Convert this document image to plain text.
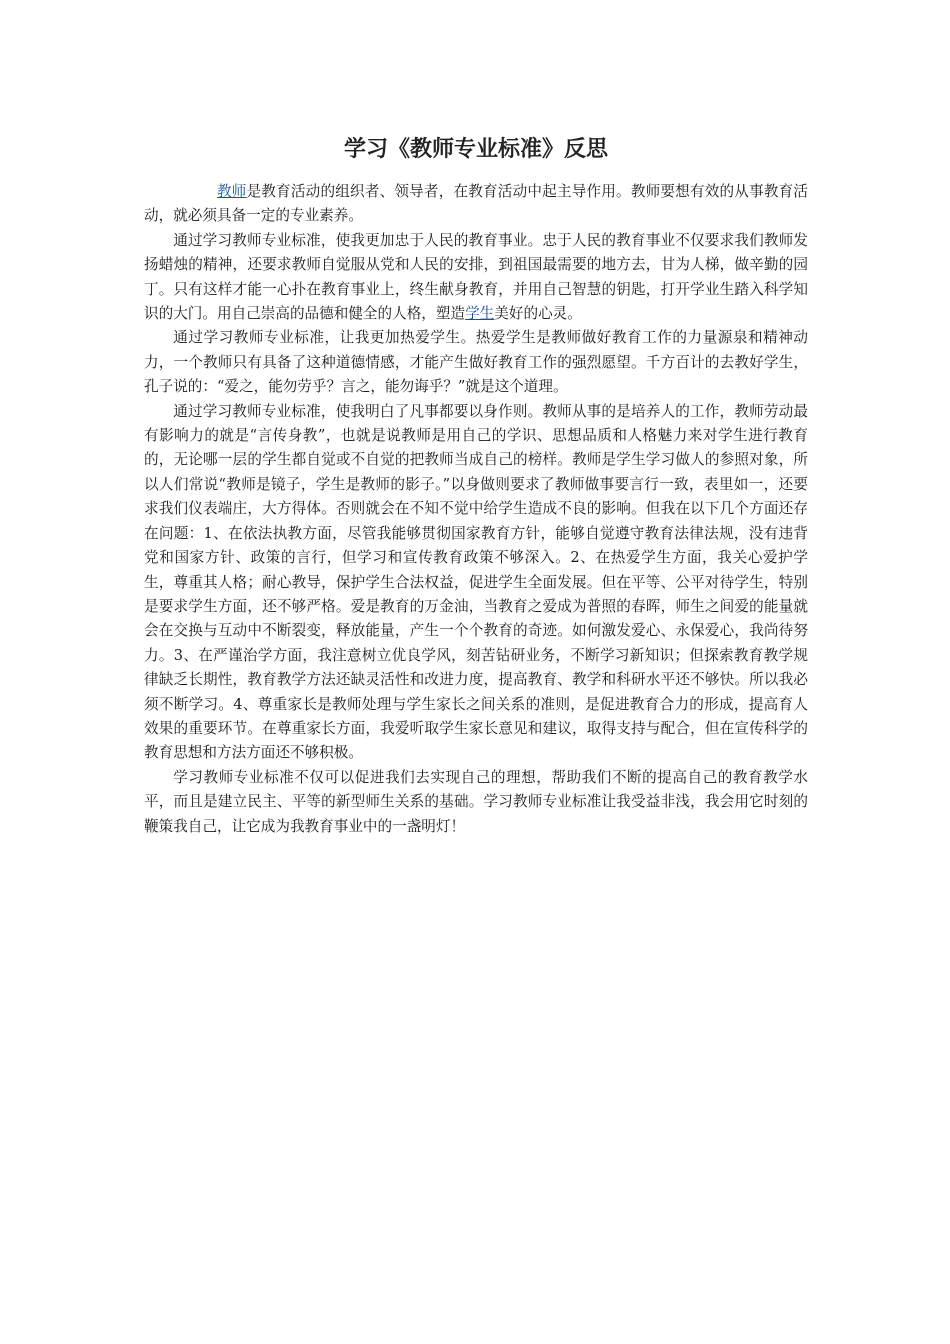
学习《教师专业标准》反思

教师是教育活动的组织者、领导者，在教育活动中起主导作用。教师要想有效的从事教育活动，就必须具备一定的专业素养。

通过学习教师专业标准，使我更加忠于人民的教育事业。忠于人民的教育事业不仅要求我们教师发扬蜡烛的精神，还要求教师自觉服从党和人民的安排，到祖国最需要的地方去，甘为人梯，做辛勤的园丁。只有这样才能一心扑在教育事业上，终生献身教育，并用自己智慧的钥匙，打开学业生踏入科学知识的大门。用自己崇高的品德和健全的人格，塑造学生美好的心灵。

通过学习教师专业标准，让我更加热爱学生。热爱学生是教师做好教育工作的力量源泉和精神动力，一个教师只有具备了这种道德情感，才能产生做好教育工作的强烈愿望。千方百计的去教好学生，孔子说的：“爱之，能勿劳乎？言之，能勿诲乎？”就是这个道理。

通过学习教师专业标准，使我明白了凡事都要以身作则。教师从事的是培养人的工作，教师劳动最有影响力的就是“言传身教”，也就是说教师是用自己的学识、思想品质和人格魅力来对学生进行教育的，无论哪一层的学生都自觉或不自觉的把教师当成自己的榜样。教师是学生学习做人的参照对象，所以人们常说“教师是镜子，学生是教师的影子。”以身做则要求了教师做事要言行一致，表里如一，还要求我们仪表端庄，大方得体。否则就会在不知不觉中给学生造成不良的影响。但我在以下几个方面还存在问题：1、在依法执教方面，尽管我能够贯彻国家教育方针，能够自觉遵守教育法律法规，没有违背党和国家方针、政策的言行，但学习和宣传教育政策不够深入。2、在热爱学生方面，我关心爱护学生，尊重其人格；耐心教导，保护学生合法权益，促进学生全面发展。但在平等、公平对待学生，特别是要求学生方面，还不够严格。爱是教育的万金油，当教育之爱成为普照的春晖，师生之间爱的能量就会在交换与互动中不断裂变，释放能量，产生一个个教育的奇迹。如何激发爱心、永保爱心，我尚待努力。3、在严谨治学方面，我注意树立优良学风，刻苦钻研业务，不断学习新知识；但探索教育教学规律缺乏长期性，教育教学方法还缺灵活性和改进力度，提高教育、教学和科研水平还不够快。所以我必须不断学习。4、尊重家长是教师处理与学生家长之间关系的准则，是促进教育合力的形成，提高育人效果的重要环节。在尊重家长方面，我爱听取学生家长意见和建议，取得支持与配合，但在宣传科学的教育思想和方法方面还不够积极。

学习教师专业标准不仅可以促进我们去实现自己的理想，帮助我们不断的提高自己的教育教学水平，而且是建立民主、平等的新型师生关系的基础。学习教师专业标准让我受益非浅，我会用它时刻的鞭策我自己，让它成为我教育事业中的一盏明灯！
